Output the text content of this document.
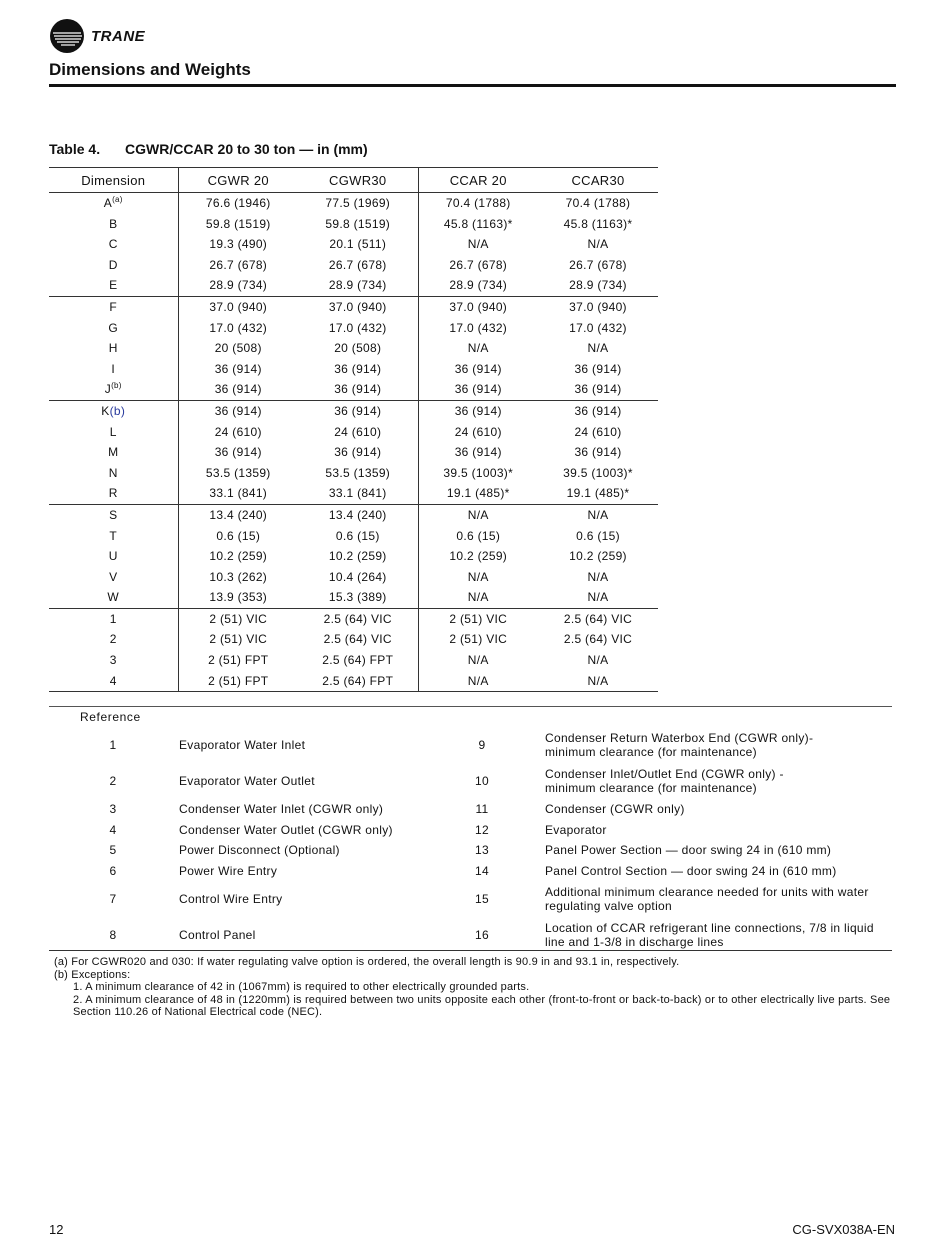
TRANE
Dimensions and Weights
Table 4. CGWR/CCAR 20 to 30 ton — in (mm)
Dimension	CGWR 20	CGWR30	CCAR 20	CCAR30
$A^{(a)}$	76.6 (1946)	77.5 (1969)	70.4 (1788)	70.4 (1788)
B	59.8 (1519)	59.8 (1519)	45.8 (1163)*	45.8 (1163)*
C	19.3 (490)	20.1 (511)	N/A	N/A
D	26.7 (678)	26.7 (678)	26.7 (678)	26.7 (678)
E	28.9 (734)	28.9 (734)	28.9 (734)	28.9 (734)
F	37.0 (940)	37.0 (940)	37.0 (940)	37.0 (940)
G	17.0 (432)	17.0 (432)	17.0 (432)	17.0 (432)
H	20 (508)	20 (508)	N/A	N/A
I	36 (914)	36 (914)	36 (914)	36 (914)
$J^{(b)}$	36 (914)	36 (914)	36 (914)	36 (914)
K(b)	36 (914)	36 (914)	36 (914)	36 (914)
L	24 (610)	24 (610)	24 (610)	24 (610)
M	36 (914)	36 (914)	36 (914)	36 (914)
N	53.5 (1359)	53.5 (1359)	39.5 (1003)*	39.5 (1003)*
R	33.1 (841)	33.1 (841)	19.1 (485)*	19.1 (485)*
S	13.4 (240)	13.4 (240)	N/A	N/A
T	0.6 (15)	0.6 (15)	0.6 (15)	0.6 (15)
U	10.2 (259)	10.2 (259)	10.2 (259)	10.2 (259)
V	10.3 (262)	10.4 (264)	N/A	N/A
W	13.9 (353)	15.3 (389)	N/A	N/A
1	2 (51) VIC	2.5 (64) VIC	2 (51) VIC	2.5 (64) VIC
2	2 (51) VIC	2.5 (64) VIC	2 (51) VIC	2.5 (64) VIC
3	2 (51) FPT	2.5 (64) FPT	N/A	N/A
4	2 (51) FPT	2.5 (64) FPT	N/A	N/A
Reference
1	Evaporator Water Inlet	9	Condenser Return Waterbox End (CGWR only)-
minimum clearance (for maintenance)

2	Evaporator Water Outlet	10	Condenser Inlet/Outlet End (CGWR only) -
minimum clearance (for maintenance)

3	Condenser Water Inlet (CGWR only)	11	Condenser (CGWR only)

4	Condenser Water Outlet (CGWR only)	12	Evaporator

5	Power Disconnect (Optional)	13	Panel Power Section — door swing 24 in (610 mm)

6	Power Wire Entry	14	Panel Control Section — door swing 24 in (610 mm)

7	Control Wire Entry	15	Additional minimum clearance needed for units with water
regulating valve option

8	Control Panel	16	Location of CCAR refrigerant line connections, 7/8 in liquid
line and 1-3/8 in discharge lines
(a) For CGWR020 and 030: If water regulating valve option is ordered, the overall length is 90.9 in and 93.1 in, respectively.
(b) Exceptions:
1. A minimum clearance of 42 in (1067mm) is required to other electrically grounded parts.
2. A minimum clearance of 48 in (1220mm) is required between two units opposite each other (front-to-front or back-to-back) or to other electrically live parts. See Section 110.26 of National Electrical code (NEC).
12	CG-SVX038A-EN
